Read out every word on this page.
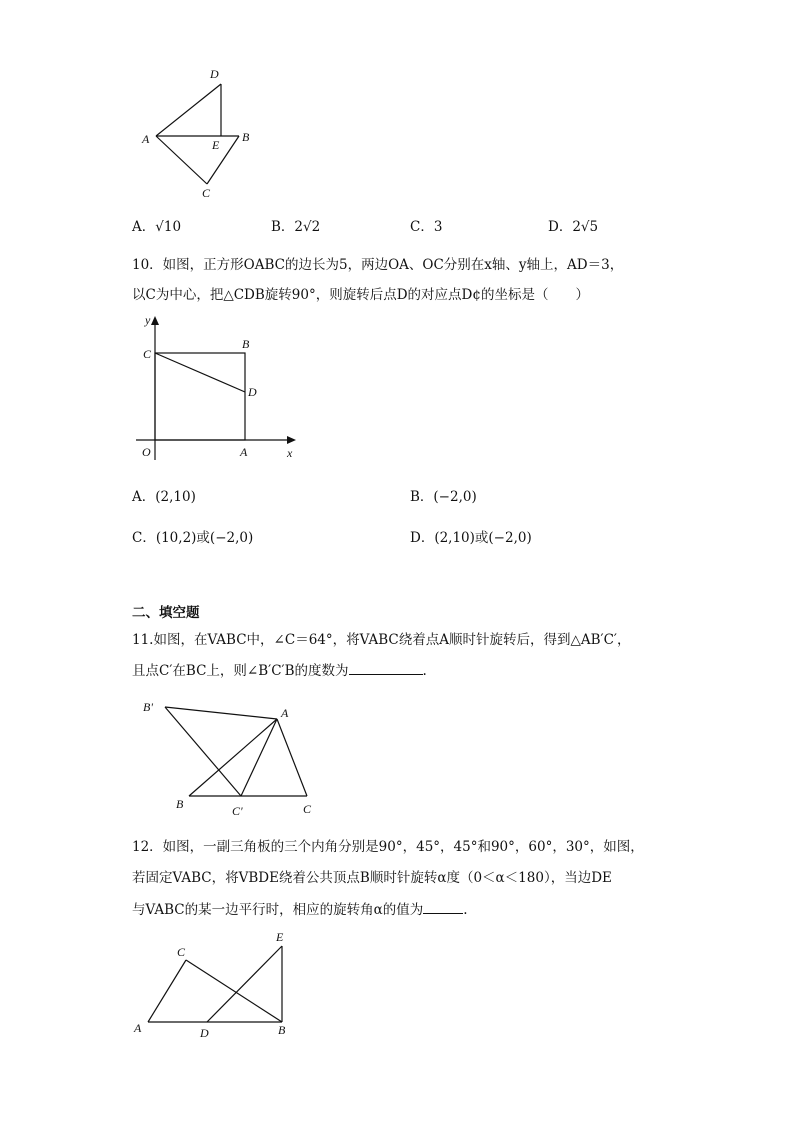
D
A	B
E
C
A．√10	B．2√2	C．3	D．2√5
10．如图，正方形OABC的边长为5，两边OA、OC分别在x轴、y轴上，AD＝3，
以C为中心，把△CDB旋转90°，则旋转后点D的对应点D¢的坐标是（　　）
y
x
O	A
B
C
D
A．(2,10)	B．(−2,0)
C．(10,2)或(−2,0)	D．(2,10)或(−2,0)
二、填空题
11.如图，在VABC中，∠C＝64°，将VABC绕着点A顺时针旋转后，得到△AB′C′，
且点C′在BC上，则∠B′C′B的度数为	.
B'	A
B	C'	C
12．如图，一副三角板的三个内角分别是90°，45°，45°和90°，60°，30°，如图，
若固定VABC，将VBDE绕着公共顶点B顺时针旋转α度（0＜α＜180），当边DE
与VABC的某一边平行时，相应的旋转角α的值为	.
C
E
A	D	B
